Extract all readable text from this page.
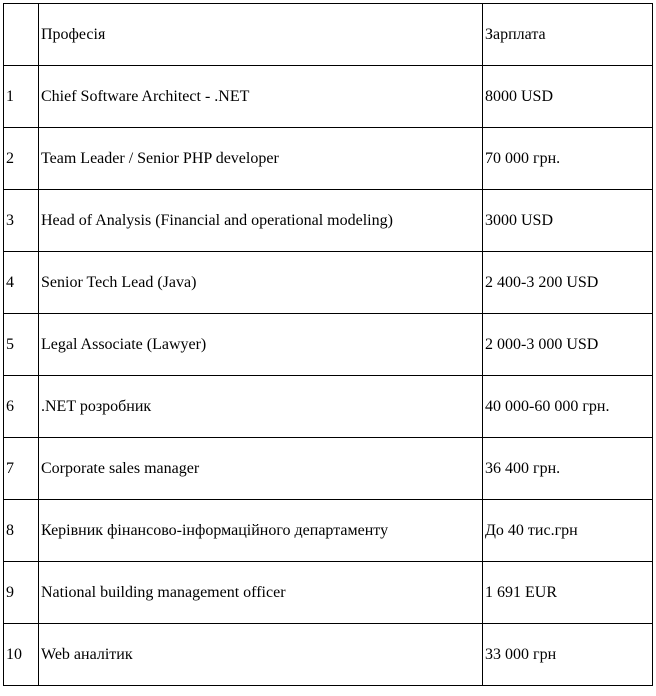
	Професія	Зарплата
1	Chief Software Architect - .NET	8000 USD
2	Team Leader / Senior PHP developer	70 000 грн.
3	Head of Analysis (Financial and operational modeling)	3000 USD
4	Senior Tech Lead (Java)	2 400-3 200 USD
5	Legal Associate (Lawyer)	2 000-3 000 USD
6	.NET розробник	40 000-60 000 грн.
7	Corporate sales manager	36 400 грн.
8	Керівник фінансово-інформаційного департаменту	До 40 тис.грн
9	National building management officer	1 691 EUR
10	Web аналітик	33 000 грн
